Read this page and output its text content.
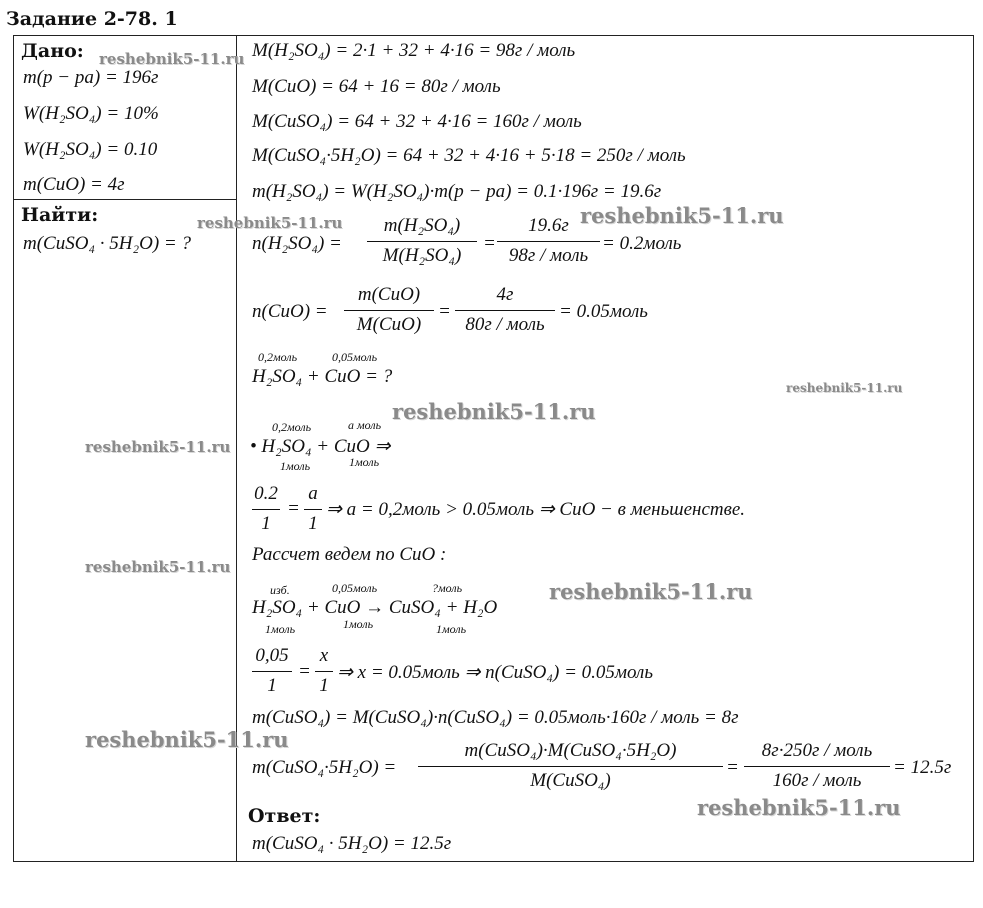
Задание 2-78. 1
Дано:
m(p − pa) = 196г
W(H₂SO₄) = 10%
W(H₂SO₄) = 0.10
m(CuO) = 4г
Найти:
m(CuSO₄ · 5H₂O) = ?
M(H₂SO₄) = 2·1 + 32 + 4·16 = 98г / моль
M(CuO) = 64 + 16 = 80г / моль
M(CuSO₄) = 64 + 32 + 4·16 = 160г / моль
M(CuSO₄·5H₂O) = 64 + 32 + 4·16 + 5·18 = 250г / моль
m(H₂SO₄) = W(H₂SO₄)·m(p − pa) = 0.1·196г = 19.6г
n(H₂SO₄) =
m(H₂SO₄)
M(H₂SO₄)
=
19.6г
98г / моль
= 0.2моль
n(CuO) =
m(CuO)
M(CuO)
=
4г
80г / моль
= 0.05моль
0,2моль	0,05моль
H₂SO₄ + CuO = ?
0,2моль	a моль
• H₂SO₄ + CuO ⇒
1моль	1моль
0.2
1
=
a
1
⇒ a = 0,2моль > 0.05моль ⇒ CuO − в меньшенстве.
Рассчет ведем по CuO :
изб.	0,05моль	?моль
H₂SO₄ + CuO → CuSO₄ + H₂O
1моль	1моль	1моль
0,05
1
=
x
1
⇒ x = 0.05моль ⇒ n(CuSO₄) = 0.05моль
m(CuSO₄) = M(CuSO₄)·n(CuSO₄) = 0.05моль·160г / моль = 8г
m(CuSO₄·5H₂O) =
m(CuSO₄)·M(CuSO₄·5H₂O)
M(CuSO₄)
=
8г·250г / моль
160г / моль
= 12.5г
Ответ:
m(CuSO₄ · 5H₂O) = 12.5г
reshebnik5-11.ru
reshebnik5-11.ru	reshebnik5-11.ru
reshebnik5-11.ru
reshebnik5-11.ru
reshebnik5-11.ru
reshebnik5-11.ru
reshebnik5-11.ru
reshebnik5-11.ru
reshebnik5-11.ru
